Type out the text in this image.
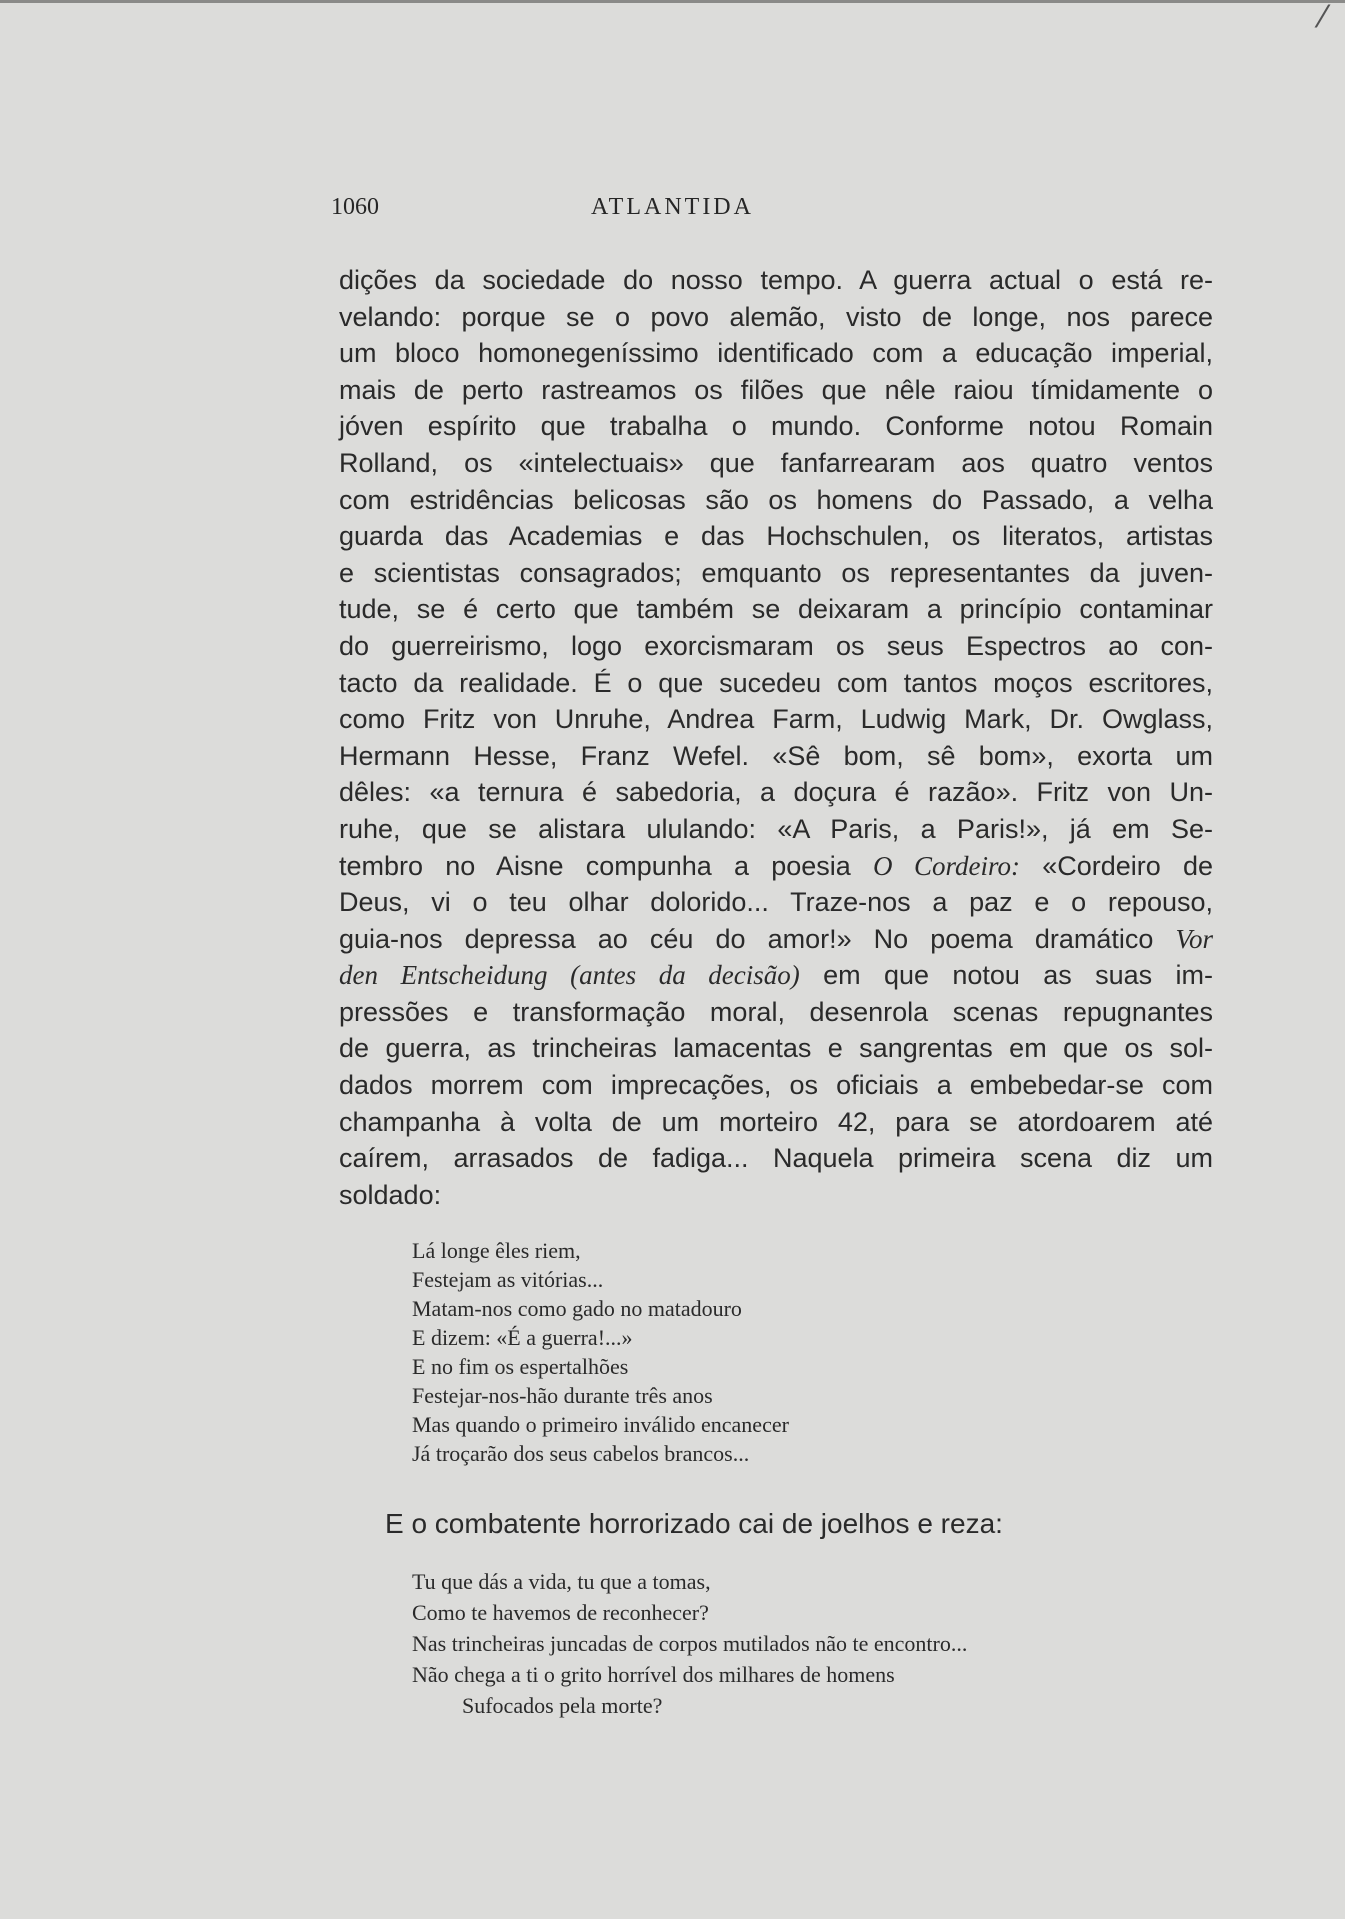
⁄
1060	ATLANTIDA
dições da sociedade do nosso tempo. A guerra actual o está re-
velando: porque se o povo alemão, visto de longe, nos parece
um bloco homonegeníssimo identificado com a educação imperial,
mais de perto rastreamos os filões que nêle raiou tímidamente o
jóven espírito que trabalha o mundo. Conforme notou Romain
Rolland, os «intelectuais» que fanfarrearam aos quatro ventos
com estridências belicosas são os homens do Passado, a velha
guarda das Academias e das Hochschulen, os literatos, artistas
e scientistas consagrados; emquanto os representantes da juven-
tude, se é certo que também se deixaram a princípio contaminar
do guerreirismo, logo exorcismaram os seus Espectros ao con-
tacto da realidade. É o que sucedeu com tantos moços escritores,
como Fritz von Unruhe, Andrea Farm, Ludwig Mark, Dr. Owglass,
Hermann Hesse, Franz Wefel. «Sê bom, sê bom», exorta um
dêles: «a ternura é sabedoria, a doçura é razão». Fritz von Un-
ruhe, que se alistara ululando: «A Paris, a Paris!», já em Se-
tembro no Aisne compunha a poesia O Cordeiro: «Cordeiro de
Deus, vi o teu olhar dolorido... Traze-nos a paz e o repouso,
guia-nos depressa ao céu do amor!» No poema dramático Vor
den Entscheidung (antes da decisão) em que notou as suas im-
pressões e transformação moral, desenrola scenas repugnantes
de guerra, as trincheiras lamacentas e sangrentas em que os sol-
dados morrem com imprecações, os oficiais a embebedar-se com
champanha à volta de um morteiro 42, para se atordoarem até
caírem, arrasados de fadiga... Naquela primeira scena diz um
soldado:
Lá longe êles riem,
Festejam as vitórias...
Matam-nos como gado no matadouro
E dizem: «É a guerra!...»
E no fim os espertalhões
Festejar-nos-hão durante três anos
Mas quando o primeiro inválido encanecer
Já troçarão dos seus cabelos brancos...
E o combatente horrorizado cai de joelhos e reza:
Tu que dás a vida, tu que a tomas,
Como te havemos de reconhecer?
Nas trincheiras juncadas de corpos mutilados não te encontro...
Não chega a ti o grito horrível dos milhares de homens
Sufocados pela morte?
